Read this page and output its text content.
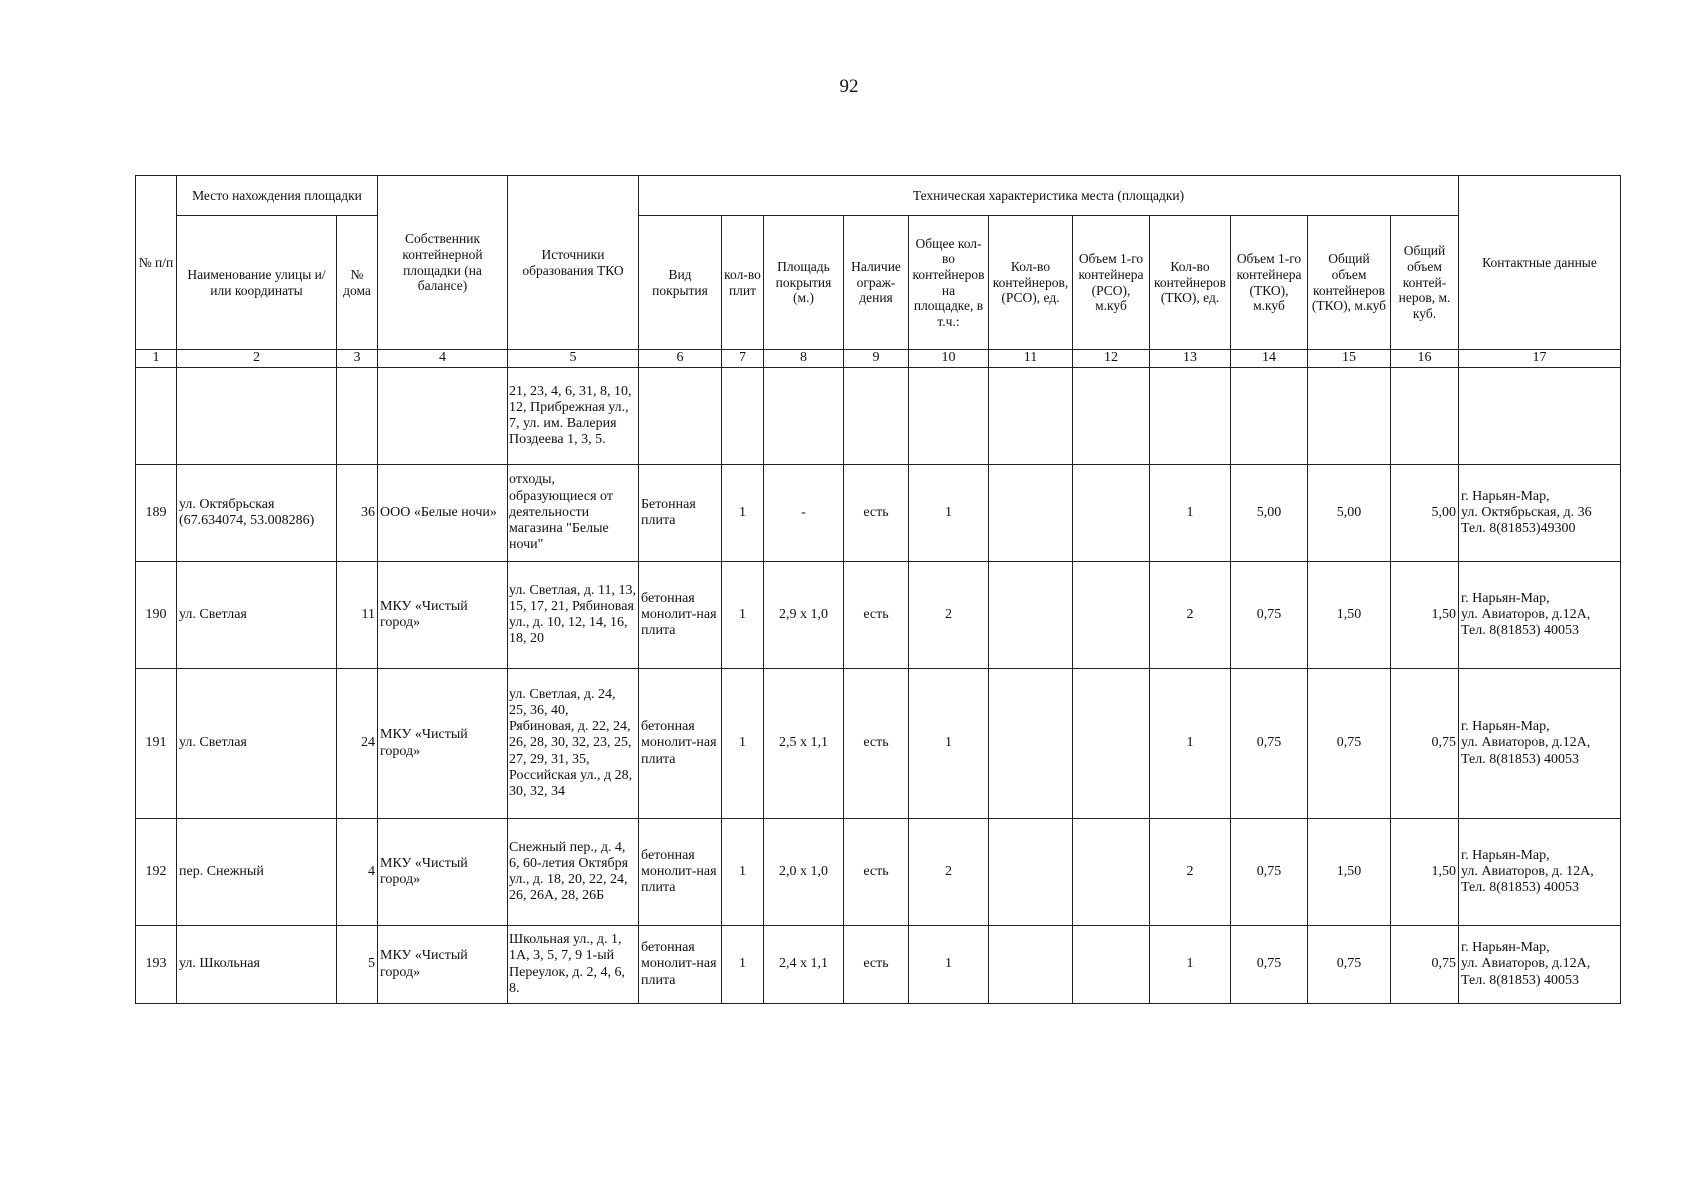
92
№ п/п	Место нахождения площадки		Собственник контейнерной площадки (на балансе)	Источники образования ТКО	Техническая характеристика места (площадки)											Контактные данные
	Наименование улицы и/или координаты	№ дома			Вид покрытия	кол-во плит	Площадь покрытия (м.)	Наличие ограж-дения	Общее кол-во контейнеров на площадке, в т.ч.:	Кол-во контейнеров, (РСО), ед.	Объем 1-го контейнера (РСО), м.куб	Кол-во контейнеров (ТКО), ед.	Объем 1-го контейнера (ТКО), м.куб	Общий объем контейнеров (ТКО), м.куб	Общий объем контей-неров, м. куб.	
1	2	3	4	5	6	7	8	9	10	11	12	13	14	15	16	17
				21, 23, 4, 6, 31, 8, 10, 12, Прибрежная ул., 7, ул. им. Валерия Поздеева 1, 3, 5.												
189	ул. Октябрьская (67.634074, 53.008286)	36	ООО «Белые ночи»	отходы, образующиеся от деятельности магазина "Белые ночи"	Бетонная плита	1	-	есть	1			1	5,00	5,00	5,00	г. Нарьян-Мар,
ул. Октябрьская, д. 36
Тел. 8(81853)49300

190	ул. Светлая	11	МКУ «Чистый город»	ул. Светлая, д. 11, 13, 15, 17, 21, Рябиновая ул., д. 10, 12, 14, 16, 18, 20	бетонная монолит-ная плита	1	2,9 х 1,0	есть	2			2	0,75	1,50	1,50	г. Нарьян-Мар,
ул. Авиаторов, д.12А,
Тел. 8(81853) 40053

191	ул. Светлая	24	МКУ «Чистый город»	ул. Светлая, д. 24, 25, 36, 40, Рябиновая, д. 22, 24, 26, 28, 30, 32, 23, 25, 27, 29, 31, 35, Российская ул., д 28, 30, 32, 34	бетонная монолит-ная плита	1	2,5 х 1,1	есть	1			1	0,75	0,75	0,75	г. Нарьян-Мар,
ул. Авиаторов, д.12А,
Тел. 8(81853) 40053

192	пер. Снежный	4	МКУ «Чистый город»	Снежный пер., д. 4, 6, 60-летия Октября ул., д. 18, 20, 22, 24, 26, 26А, 28, 26Б	бетонная монолит-ная плита	1	2,0 х 1,0	есть	2			2	0,75	1,50	1,50	г. Нарьян-Мар,
ул. Авиаторов, д. 12А,
Тел. 8(81853) 40053

193	ул. Школьная	5	МКУ «Чистый город»	Школьная ул., д. 1, 1А, 3, 5, 7, 9 1-ый Переулок, д. 2, 4, 6, 8.	бетонная монолит-ная плита	1	2,4 х 1,1	есть	1			1	0,75	0,75	0,75	г. Нарьян-Мар,
ул. Авиаторов, д.12А,
Тел. 8(81853) 40053
